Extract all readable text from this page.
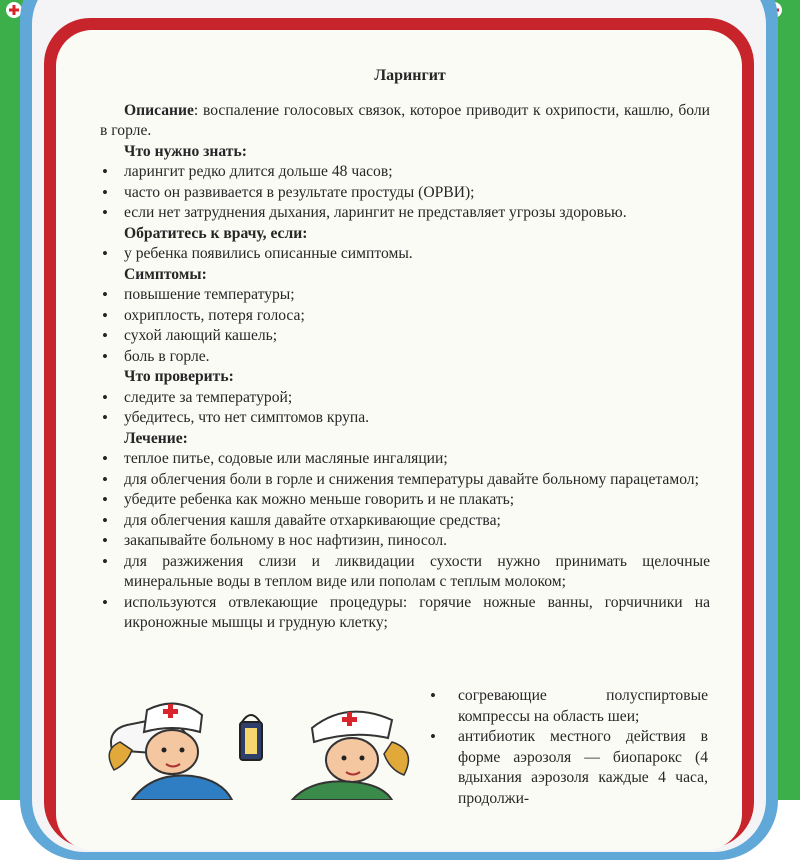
Ларингит

Описание: воспаление голосовых связок, которое приводит к охрипости, кашлю, боли в горле.

Что нужно знать:

• ларингит редко длится дольше 48 часов;
• часто он развивается в результате простуды (ОРВИ);
• если нет затруднения дыхания, ларингит не представляет угрозы здоровью.

Обратитесь к врачу, если:

• у ребенка появились описанные симптомы.

Симптомы:

• повышение температуры;
• охриплость, потеря голоса;
• сухой лающий кашель;
• боль в горле.

Что проверить:

• следите за температурой;
• убедитесь, что нет симптомов крупа.

Лечение:

• теплое питье, содовые или масляные ингаляции;
• для облегчения боли в горле и снижения температуры давайте больному парацетамол;
• убедите ребенка как можно меньше говорить и не плакать;
• для облегчения кашля давайте отхаркивающие средства;
• закапывайте больному в нос нафтизин, пиносол.
• для разжижения слизи и ликвидации сухости нужно принимать щелочные минеральные воды в теплом виде или пополам с теплым молоком;
• используются отвлекающие процедуры: горячие ножные ванны, горчичники на икроножные мышцы и грудную клетку;
• согревающие полуспиртовые компрессы на область шеи;
• антибиотик местного действия в форме аэрозоля — биопарокс (4 вдыхания аэрозоля каждые 4 часа, продолжи-
